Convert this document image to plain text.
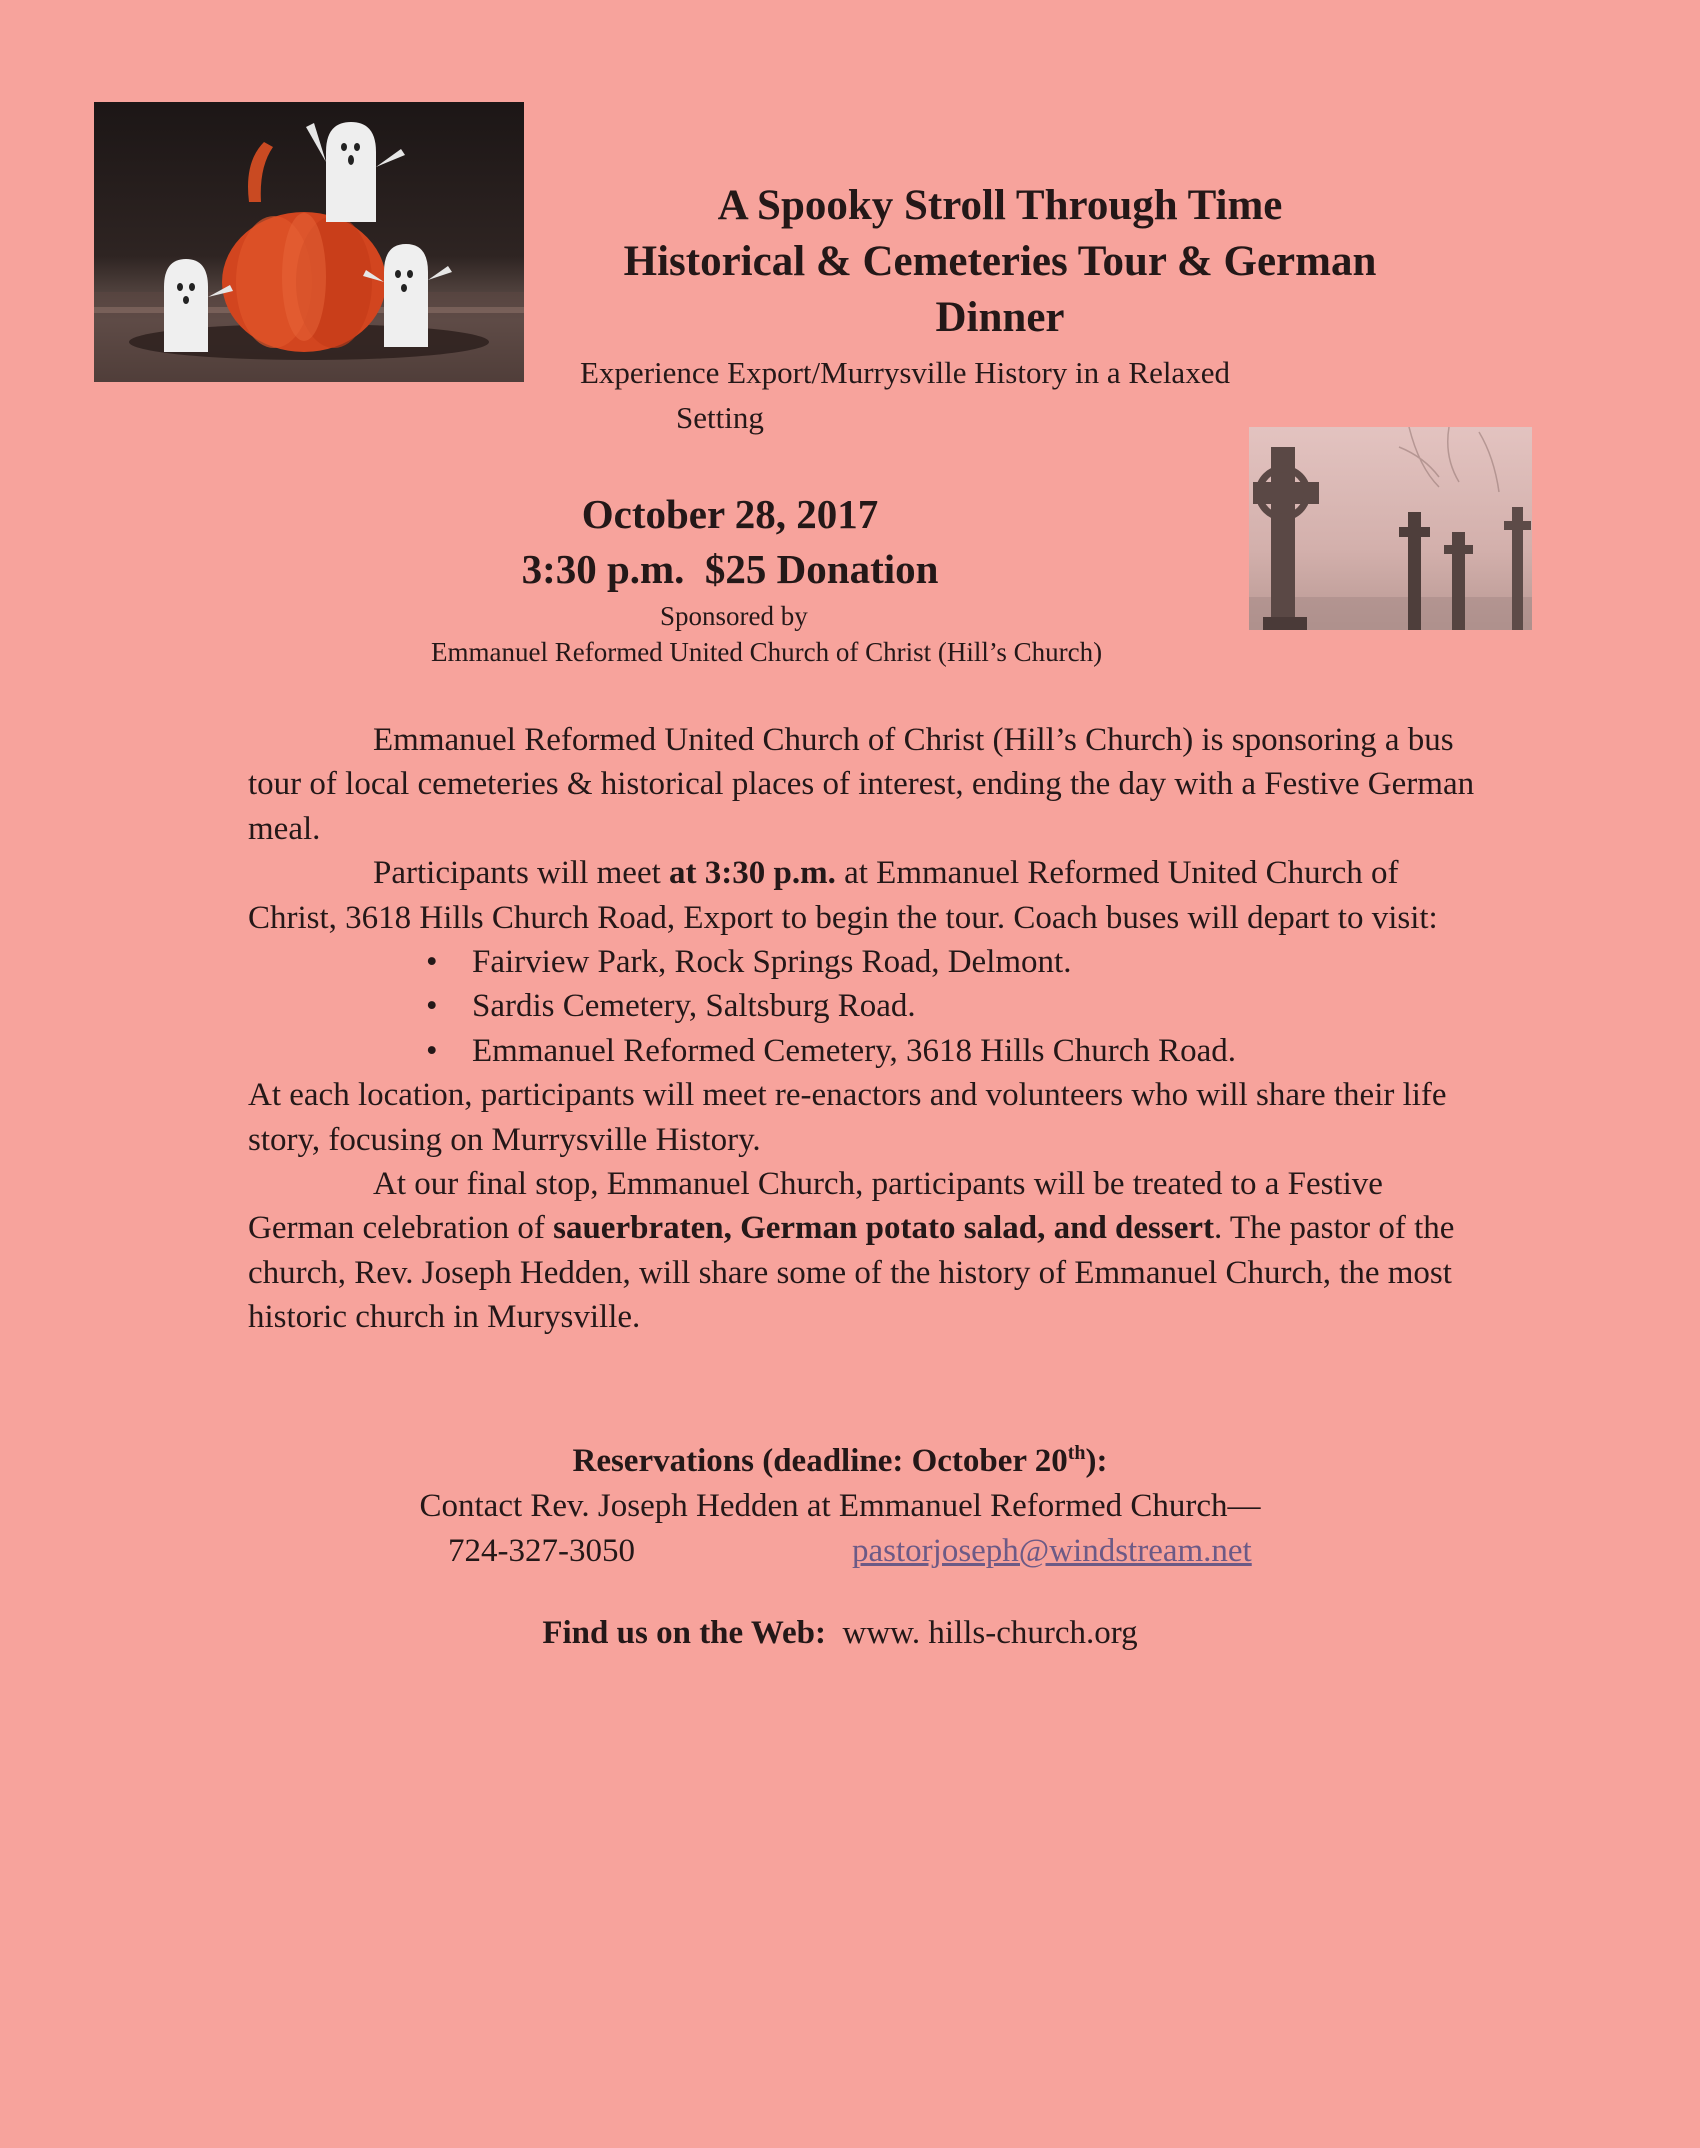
A Spooky Stroll Through Time
Historical & Cemeteries Tour & German
Dinner
Experience Export/Murrysville History in a Relaxed
Setting
October 28, 2017
3:30 p.m.  $25 Donation
Sponsored by
Emmanuel Reformed United Church of Christ (Hill’s Church)

Emmanuel Reformed United Church of Christ (Hill’s Church) is sponsoring a bus tour of local cemeteries & historical places of interest, ending the day with a Festive German meal.

Participants will meet at 3:30 p.m. at Emmanuel Reformed United Church of Christ, 3618 Hills Church Road, Export to begin the tour. Coach buses will depart to visit:

• Fairview Park, Rock Springs Road, Delmont.
• Sardis Cemetery, Saltsburg Road.
• Emmanuel Reformed Cemetery, 3618 Hills Church Road.

At each location, participants will meet re-enactors and volunteers who will share their life story, focusing on Murrysville History.

At our final stop, Emmanuel Church, participants will be treated to a Festive German celebration of sauerbraten, German potato salad, and dessert. The pastor of the church, Rev. Joseph Hedden, will share some of the history of Emmanuel Church, the most historic church in Murysville.

Reservations (deadline: October 20th):
Contact Rev. Joseph Hedden at Emmanuel Reformed Church—
724-327-3050	pastorjoseph@windstream.net
Find us on the Web: www. hills-church.org
